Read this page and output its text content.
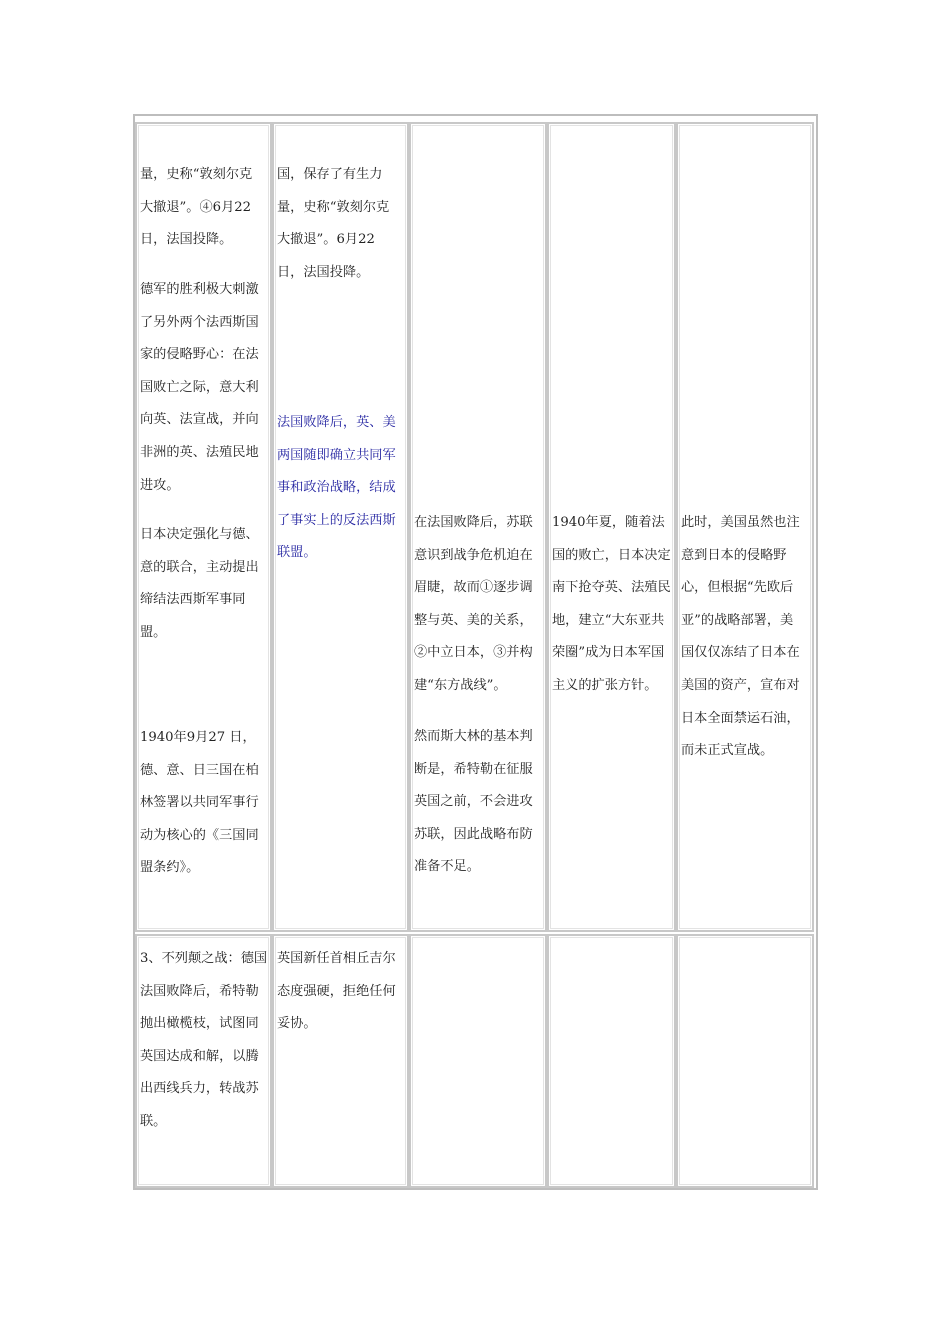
量，史称“敦刻尔克
大撤退”。④6月22
日，法国投降。
德军的胜利极大刺激
了另外两个法西斯国
家的侵略野心：在法
国败亡之际，意大利
向英、法宣战，并向
非洲的英、法殖民地
进攻。
日本决定强化与德、
意的联合，主动提出
缔结法西斯军事同
盟。
1940年9月27 日，
德、意、日三国在柏
林签署以共同军事行
动为核心的《三国同
盟条约》。
国，保存了有生力
量，史称“敦刻尔克
大撤退”。6月22
日，法国投降。
法国败降后，英、美
两国随即确立共同军
事和政治战略，结成
了事实上的反法西斯
联盟。
在法国败降后，苏联
意识到战争危机迫在
眉睫，故而①逐步调
整与英、美的关系，
②中立日本，③并构
建“东方战线”。
然而斯大林的基本判
断是，希特勒在征服
英国之前，不会进攻
苏联，因此战略布防
准备不足。
1940年夏，随着法
国的败亡，日本决定
南下抢夺英、法殖民
地，建立“大东亚共
荣圈”成为日本军国
主义的扩张方针。
此时，美国虽然也注
意到日本的侵略野
心，但根据“先欧后
亚”的战略部署，美
国仅仅冻结了日本在
美国的资产，宣布对
日本全面禁运石油，
而未正式宣战。
3、不列颠之战：德国
法国败降后，希特勒
抛出橄榄枝，试图同
英国达成和解，以腾
出西线兵力，转战苏
联。
英国新任首相丘吉尔
态度强硬，拒绝任何
妥协。
